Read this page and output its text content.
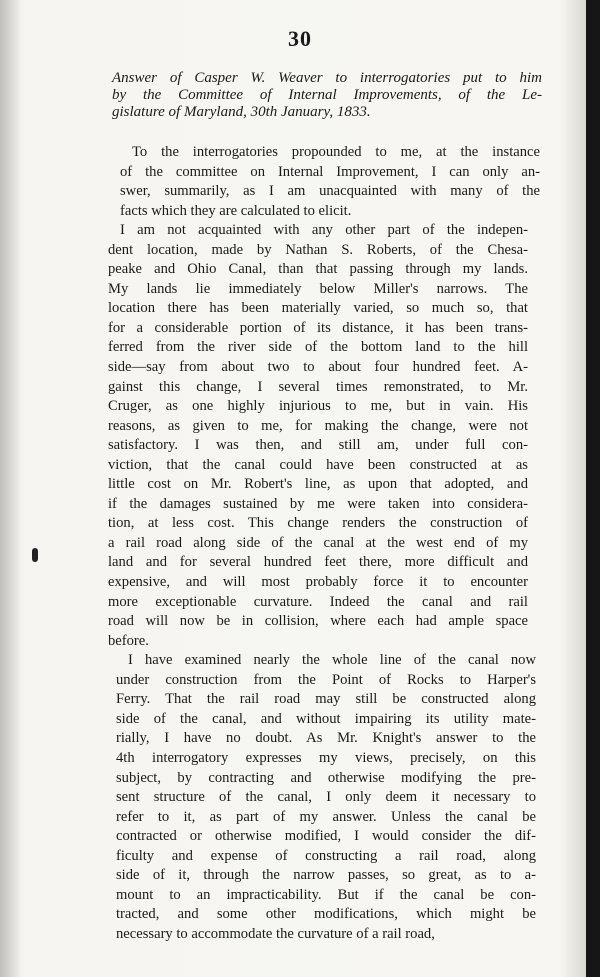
30
Answer of Casper W. Weaver to interrogatories put to him
by the Committee of Internal Improvements, of the Le-
gislature of Maryland, 30th January, 1833.
To the interrogatories propounded to me, at the instance
of the committee on Internal Improvement, I can only an-
swer, summarily, as I am unacquainted with many of the
facts which they are calculated to elicit.
I am not acquainted with any other part of the indepen-
dent location, made by Nathan S. Roberts, of the Chesa-
peake and Ohio Canal, than that passing through my lands.
My lands lie immediately below Miller's narrows. The
location there has been materially varied, so much so, that
for a considerable portion of its distance, it has been trans-
ferred from the river side of the bottom land to the hill
side—say from about two to about four hundred feet. A-
gainst this change, I several times remonstrated, to Mr.
Cruger, as one highly injurious to me, but in vain. His
reasons, as given to me, for making the change, were not
satisfactory. I was then, and still am, under full con-
viction, that the canal could have been constructed at as
little cost on Mr. Robert's line, as upon that adopted, and
if the damages sustained by me were taken into considera-
tion, at less cost. This change renders the construction of
a rail road along side of the canal at the west end of my
land and for several hundred feet there, more difficult and
expensive, and will most probably force it to encounter
more exceptionable curvature. Indeed the canal and rail
road will now be in collision, where each had ample space
before.
I have examined nearly the whole line of the canal now
under construction from the Point of Rocks to Harper's
Ferry. That the rail road may still be constructed along
side of the canal, and without impairing its utility mate-
rially, I have no doubt. As Mr. Knight's answer to the
4th interrogatory expresses my views, precisely, on this
subject, by contracting and otherwise modifying the pre-
sent structure of the canal, I only deem it necessary to
refer to it, as part of my answer. Unless the canal be
contracted or otherwise modified, I would consider the dif-
ficulty and expense of constructing a rail road, along
side of it, through the narrow passes, so great, as to a-
mount to an impracticability. But if the canal be con-
tracted, and some other modifications, which might be
necessary to accommodate the curvature of a rail road,
